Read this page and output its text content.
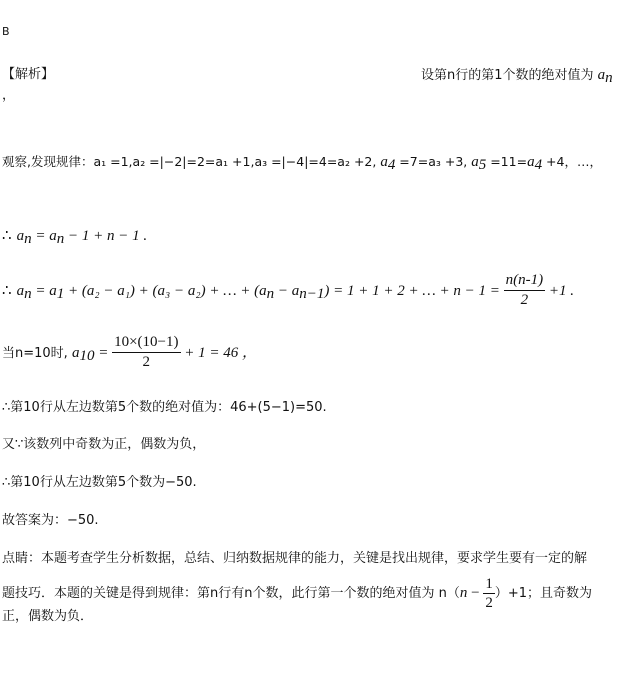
B
【解析】	设第n行的第1个数的绝对值为 $a_n$
，
观察,发现规律：a₁ =1,a₂ =|−2|=2=a₁ +1,a₃ =|−4|=4=a₂ +2, $a_4 =7=a_3 +3$, $a_5 =11=a_4 +4$，…，
∴ $a_n = a_n - 1 + n - 1$ .
∴ $a_n = a_1 + (a_2 - a_1) + (a_3 - a_2)$ + … + $(a_n - a_{n-1}) = 1 + 1 + 2$ + … + $n - 1 = \frac{n(n-1)}{2} +1$ .
当n=10时, $a_{10} = \frac{10\times(10-1)}{2} + 1 = 46$ ，
∴第10行从左边数第5个数的绝对值为：46+(5−1)=50.
又∵该数列中奇数为正，偶数为负，
∴第10行从左边数第5个数为−50.
故答案为：−50.
点睛：本题考查学生分析数据，总结、归纳数据规律的能力，关键是找出规律，要求学生要有一定的解
题技巧．本题的关键是得到规律：第n行有n个数，此行第一个数的绝对值为 $n(n - \frac{1}{2} )+1$；且奇数为
正，偶数为负．
